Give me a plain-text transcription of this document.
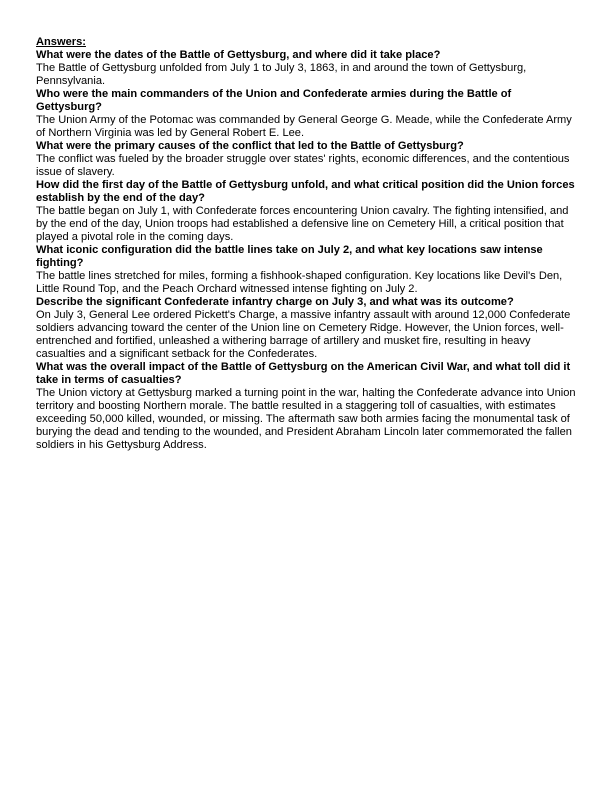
Answers:

What were the dates of the Battle of Gettysburg, and where did it take place?

The Battle of Gettysburg unfolded from July 1 to July 3, 1863, in and around the town of Gettysburg, Pennsylvania.

Who were the main commanders of the Union and Confederate armies during the Battle of Gettysburg?

The Union Army of the Potomac was commanded by General George G. Meade, while the Confederate Army of Northern Virginia was led by General Robert E. Lee.

What were the primary causes of the conflict that led to the Battle of Gettysburg?

The conflict was fueled by the broader struggle over states' rights, economic differences, and the contentious issue of slavery.

How did the first day of the Battle of Gettysburg unfold, and what critical position did the Union forces establish by the end of the day?

The battle began on July 1, with Confederate forces encountering Union cavalry. The fighting intensified, and by the end of the day, Union troops had established a defensive line on Cemetery Hill, a critical position that played a pivotal role in the coming days.

What iconic configuration did the battle lines take on July 2, and what key locations saw intense fighting?

The battle lines stretched for miles, forming a fishhook-shaped configuration. Key locations like Devil's Den, Little Round Top, and the Peach Orchard witnessed intense fighting on July 2.

Describe the significant Confederate infantry charge on July 3, and what was its outcome?

On July 3, General Lee ordered Pickett's Charge, a massive infantry assault with around 12,000 Confederate soldiers advancing toward the center of the Union line on Cemetery Ridge. However, the Union forces, well-entrenched and fortified, unleashed a withering barrage of artillery and musket fire, resulting in heavy casualties and a significant setback for the Confederates.

What was the overall impact of the Battle of Gettysburg on the American Civil War, and what toll did it take in terms of casualties?

The Union victory at Gettysburg marked a turning point in the war, halting the Confederate advance into Union territory and boosting Northern morale. The battle resulted in a staggering toll of casualties, with estimates exceeding 50,000 killed, wounded, or missing. The aftermath saw both armies facing the monumental task of burying the dead and tending to the wounded, and President Abraham Lincoln later commemorated the fallen soldiers in his Gettysburg Address.
